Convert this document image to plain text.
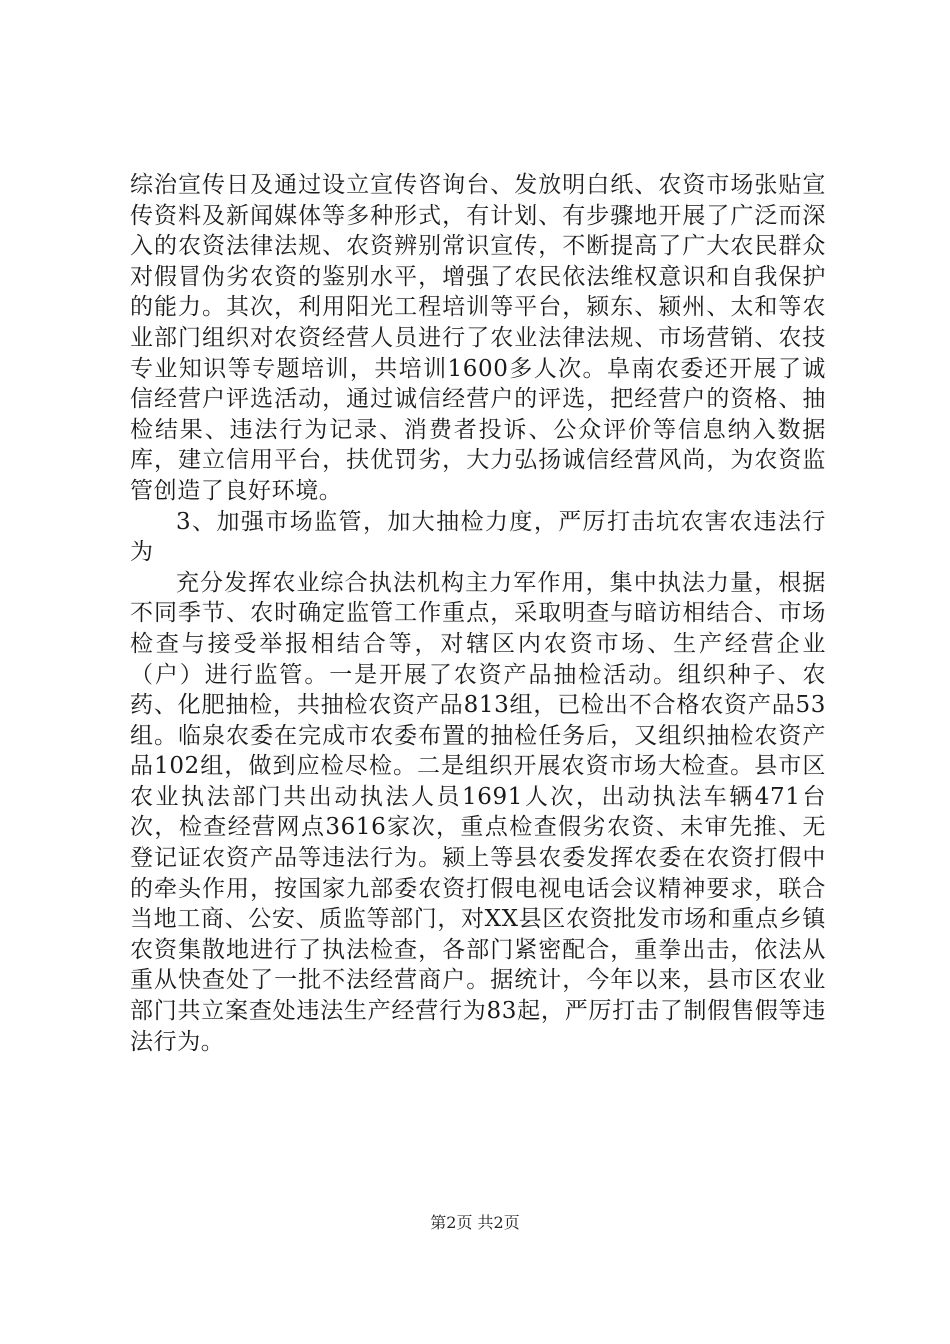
综治宣传日及通过设立宣传咨询台、发放明白纸、农资市场张贴宣传资料及新闻媒体等多种形式，有计划、有步骤地开展了广泛而深入的农资法律法规、农资辨别常识宣传，不断提高了广大农民群众对假冒伪劣农资的鉴别水平，增强了农民依法维权意识和自我保护的能力。其次，利用阳光工程培训等平台，颍东、颍州、太和等农业部门组织对农资经营人员进行了农业法律法规、市场营销、农技专业知识等专题培训，共培训1600多人次。阜南农委还开展了诚信经营户评选活动，通过诚信经营户的评选，把经营户的资格、抽检结果、违法行为记录、消费者投诉、公众评价等信息纳入数据库，建立信用平台，扶优罚劣，大力弘扬诚信经营风尚，为农资监管创造了良好环境。

3、加强市场监管，加大抽检力度，严厉打击坑农害农违法行为

充分发挥农业综合执法机构主力军作用，集中执法力量，根据不同季节、农时确定监管工作重点，采取明查与暗访相结合、市场检查与接受举报相结合等，对辖区内农资市场、生产经营企业（户）进行监管。一是开展了农资产品抽检活动。组织种子、农药、化肥抽检，共抽检农资产品813组，已检出不合格农资产品53组。临泉农委在完成市农委布置的抽检任务后，又组织抽检农资产品102组，做到应检尽检。二是组织开展农资市场大检查。县市区农业执法部门共出动执法人员1691人次，出动执法车辆471台次，检查经营网点3616家次，重点检查假劣农资、未审先推、无登记证农资产品等违法行为。颍上等县农委发挥农委在农资打假中的牵头作用，按国家九部委农资打假电视电话会议精神要求，联合当地工商、公安、质监等部门，对XX县区农资批发市场和重点乡镇农资集散地进行了执法检查，各部门紧密配合，重拳出击，依法从重从快查处了一批不法经营商户。据统计，今年以来，县市区农业部门共立案查处违法生产经营行为83起，严厉打击了制假售假等违法行为。

第2页 共2页
